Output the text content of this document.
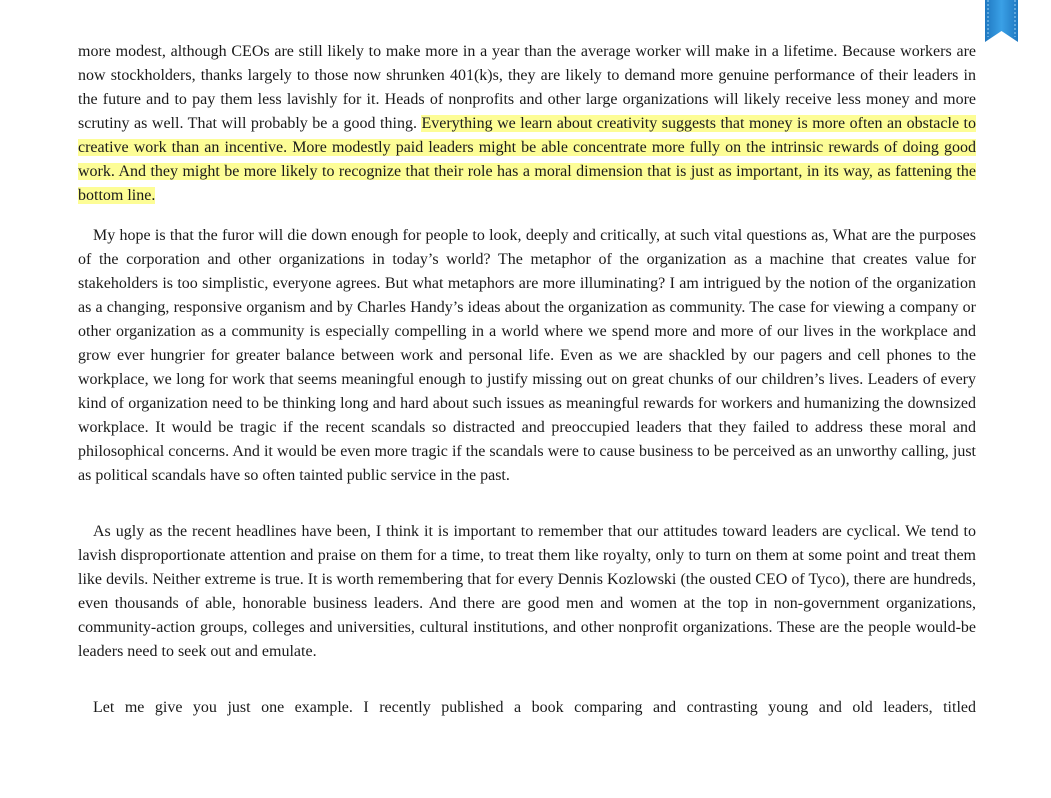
more modest, although CEOs are still likely to make more in a year than the average worker will make in a lifetime. Because workers are now stockholders, thanks largely to those now shrunken 401(k)s, they are likely to demand more genuine performance of their leaders in the future and to pay them less lavishly for it. Heads of nonprofits and other large organizations will likely receive less money and more scrutiny as well. That will probably be a good thing. Everything we learn about creativity suggests that money is more often an obstacle to creative work than an incentive. More modestly paid leaders might be able concentrate more fully on the intrinsic rewards of doing good work. And they might be more likely to recognize that their role has a moral dimension that is just as important, in its way, as fattening the bottom line.

My hope is that the furor will die down enough for people to look, deeply and critically, at such vital questions as, What are the purposes of the corporation and other organizations in today’s world? The metaphor of the organization as a machine that creates value for stakeholders is too simplistic, everyone agrees. But what metaphors are more illuminating? I am intrigued by the notion of the organization as a changing, responsive organism and by Charles Handy’s ideas about the organization as community. The case for viewing a company or other organization as a community is especially compelling in a world where we spend more and more of our lives in the workplace and grow ever hungrier for greater balance between work and personal life. Even as we are shackled by our pagers and cell phones to the workplace, we long for work that seems meaningful enough to justify missing out on great chunks of our children’s lives. Leaders of every kind of organization need to be thinking long and hard about such issues as meaningful rewards for workers and humanizing the downsized workplace. It would be tragic if the recent scandals so distracted and preoccupied leaders that they failed to address these moral and philosophical concerns. And it would be even more tragic if the scandals were to cause business to be perceived as an unworthy calling, just as political scandals have so often tainted public service in the past.

As ugly as the recent headlines have been, I think it is important to remember that our attitudes toward leaders are cyclical. We tend to lavish disproportionate attention and praise on them for a time, to treat them like royalty, only to turn on them at some point and treat them like devils. Neither extreme is true. It is worth remembering that for every Dennis Kozlowski (the ousted CEO of Tyco), there are hundreds, even thousands of able, honorable business leaders. And there are good men and women at the top in non-government organizations, community-action groups, colleges and universities, cultural institutions, and other nonprofit organizations. These are the people would-be leaders need to seek out and emulate.

Let me give you just one example. I recently published a book comparing and contrasting young and old leaders, titled
